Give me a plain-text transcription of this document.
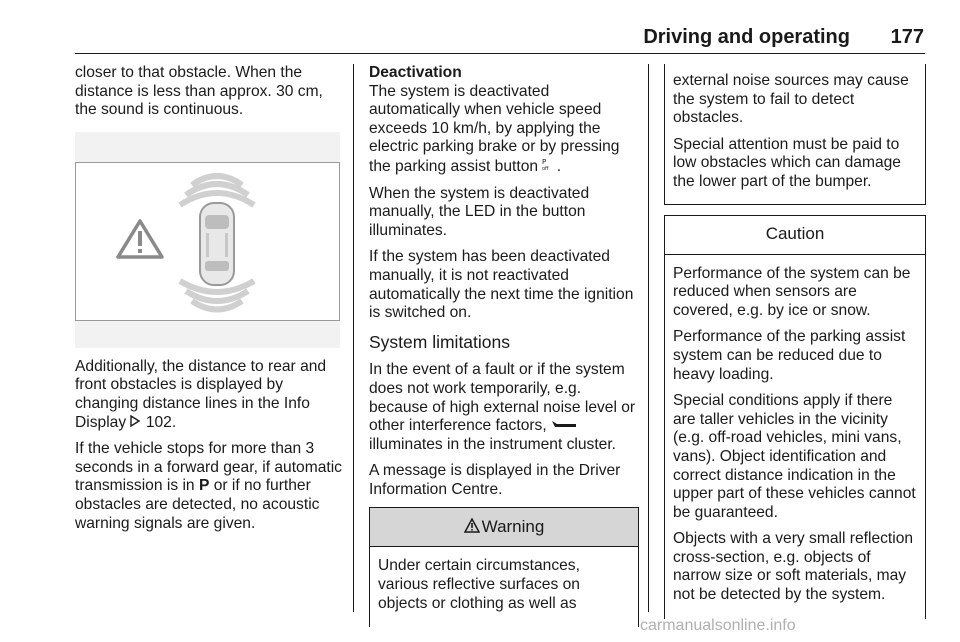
Driving and operating	177

closer to that obstacle. When the distance is less than approx. 30 cm, the sound is continuous.

Additionally, the distance to rear and front obstacles is displayed by changing distance lines in the Info Display 102.

If the vehicle stops for more than 3 seconds in a forward gear, if automatic transmission is in P or if no further obstacles are detected, no acoustic warning signals are given.

Deactivation
The system is deactivated automatically when vehicle speed exceeds 10 km/h, by applying the electric parking brake or by pressing the parking assist button P
off .

When the system is deactivated manually, the LED in the button illuminates.

If the system has been deactivated manually, it is not reactivated automatically the next time the ignition is switched on.

System limitations

In the event of a fault or if the system does not work temporarily, e.g. because of high external noise level or other interference factors,  illuminates in the instrument cluster.

A message is displayed in the Driver Information Centre.

Warning

Under certain circumstances, various reflective surfaces on objects or clothing as well as

external noise sources may cause the system to fail to detect obstacles.

Special attention must be paid to low obstacles which can damage the lower part of the bumper.

Caution

Performance of the system can be reduced when sensors are covered, e.g. by ice or snow.

Performance of the parking assist system can be reduced due to heavy loading.

Special conditions apply if there are taller vehicles in the vicinity (e.g. off-road vehicles, mini vans, vans). Object identification and correct distance indication in the upper part of these vehicles cannot be guaranteed.

Objects with a very small reflection cross-section, e.g. objects of narrow size or soft materials, may not be detected by the system.

carmanualsonline.info
